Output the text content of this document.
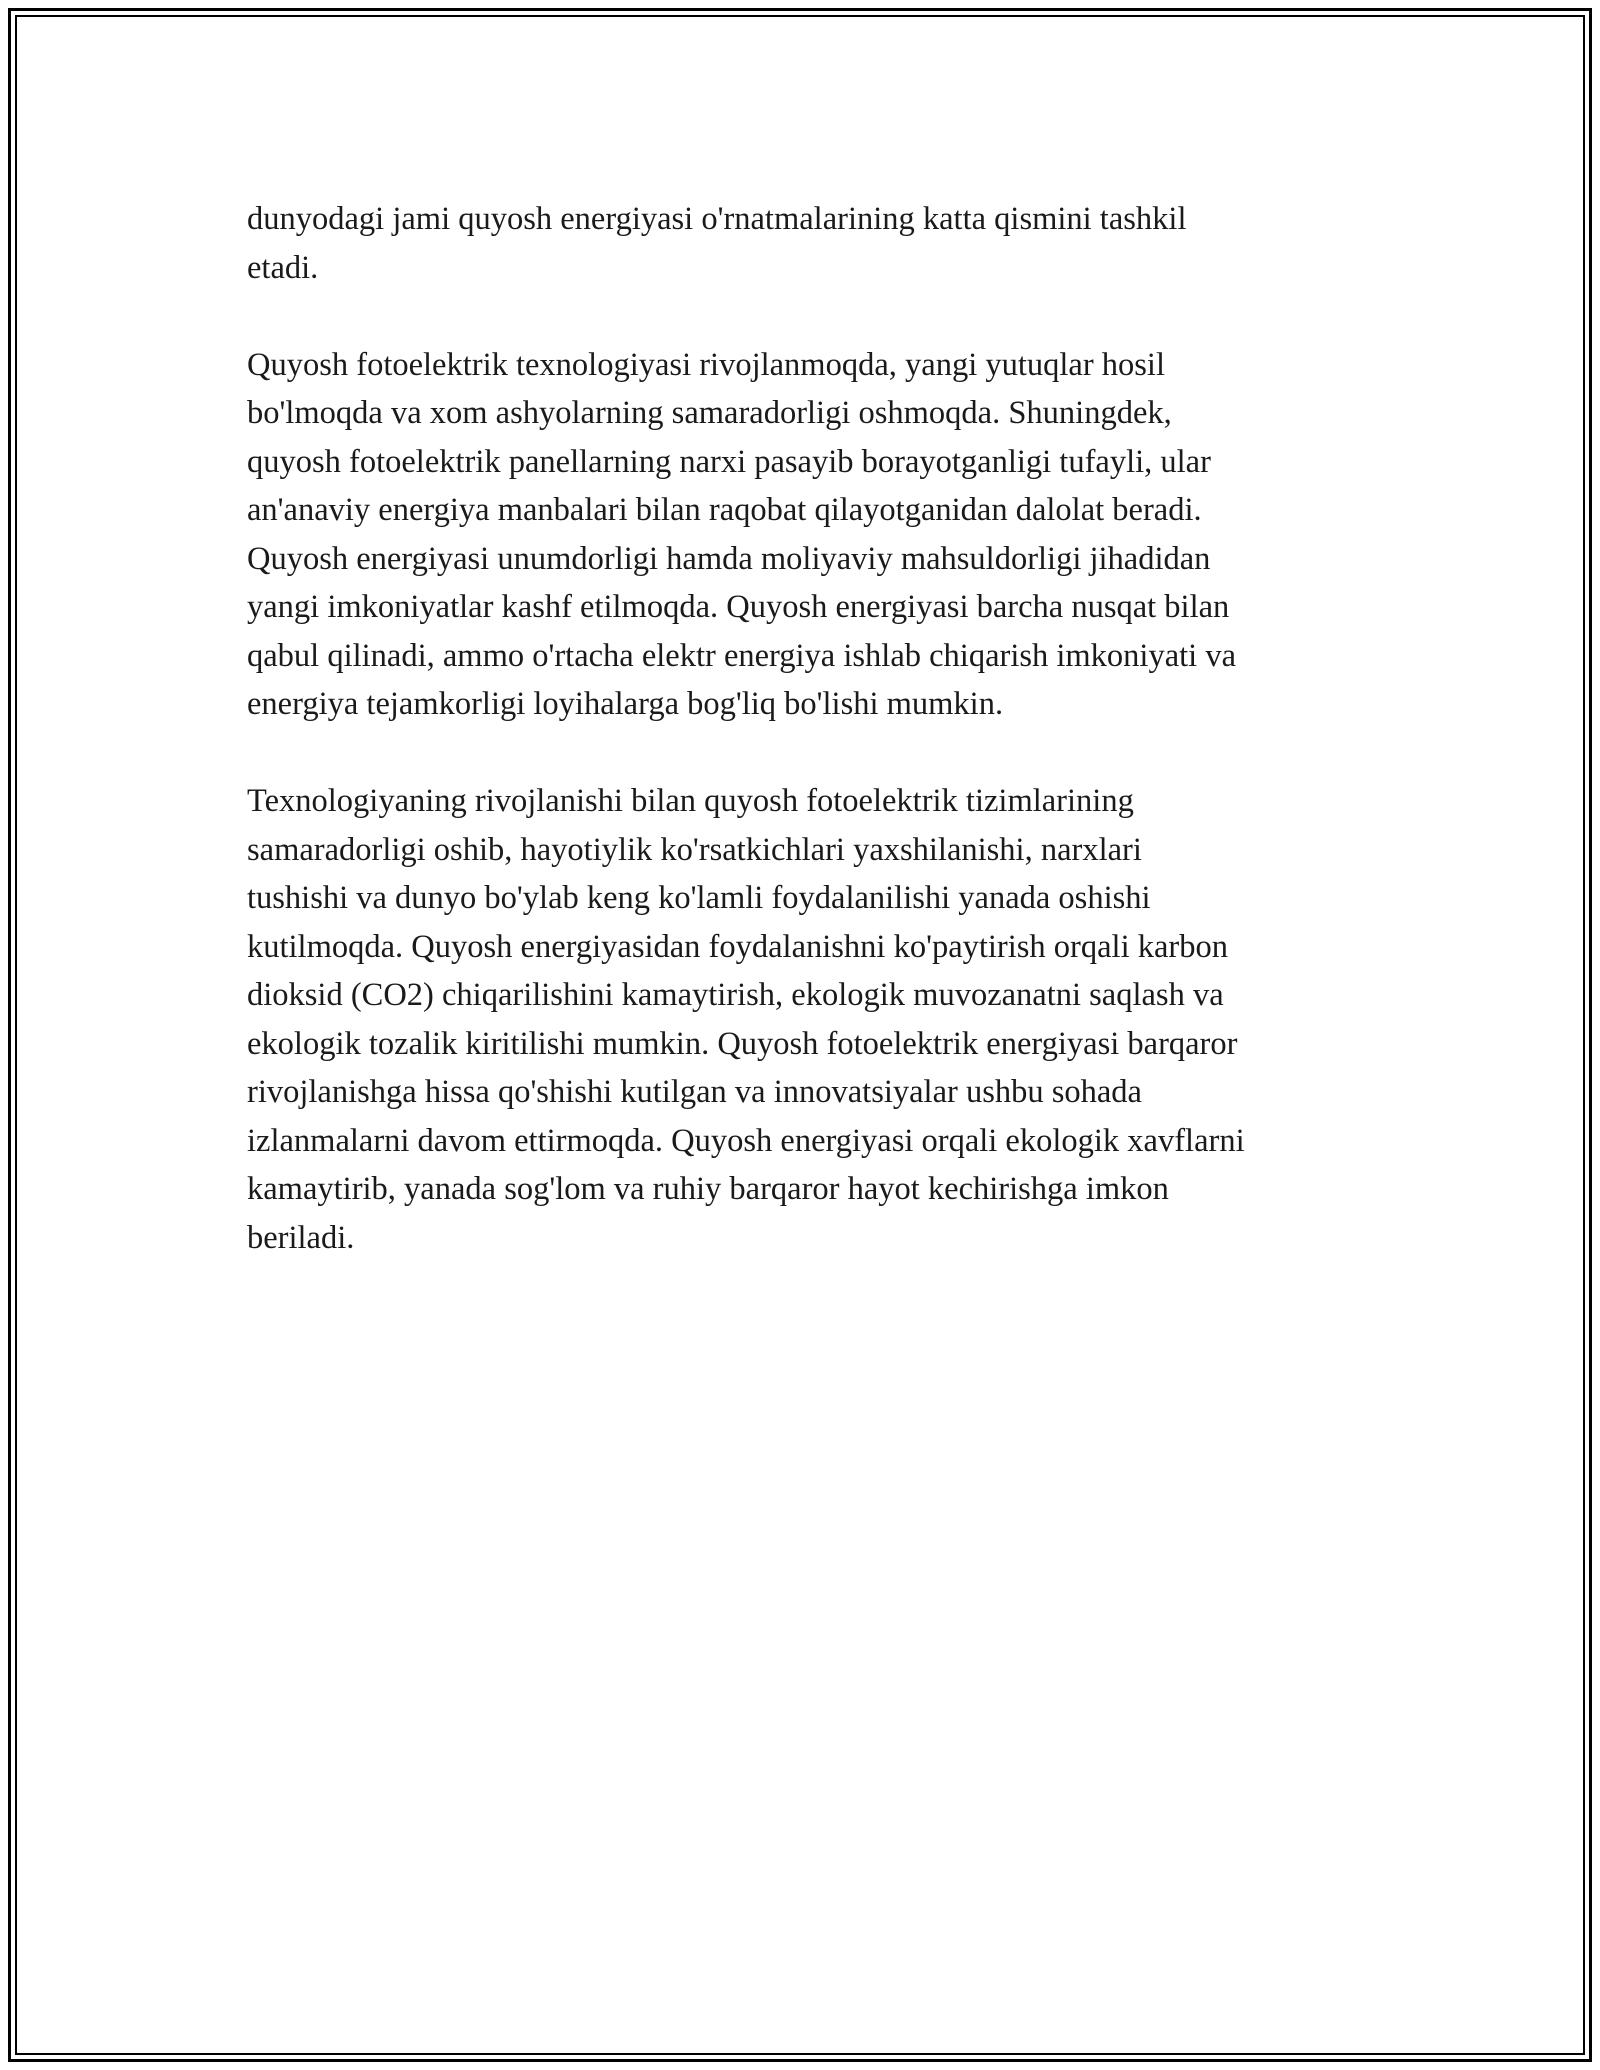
dunyodagi jami quyosh energiyasi o'rnatmalarining katta qismini tashkil
etadi.

Quyosh fotoelektrik texnologiyasi rivojlanmoqda, yangi yutuqlar hosil
bo'lmoqda va xom ashyolarning samaradorligi oshmoqda. Shuningdek,
quyosh fotoelektrik panellarning narxi pasayib borayotganligi tufayli, ular
an'anaviy energiya manbalari bilan raqobat qilayotganidan dalolat beradi.
Quyosh energiyasi unumdorligi hamda moliyaviy mahsuldorligi jihadidan
yangi imkoniyatlar kashf etilmoqda. Quyosh energiyasi barcha nusqat bilan
qabul qilinadi, ammo o'rtacha elektr energiya ishlab chiqarish imkoniyati va
energiya tejamkorligi loyihalarga bog'liq bo'lishi mumkin.

Texnologiyaning rivojlanishi bilan quyosh fotoelektrik tizimlarining
samaradorligi oshib, hayotiylik ko'rsatkichlari yaxshilanishi, narxlari
tushishi va dunyo bo'ylab keng ko'lamli foydalanilishi yanada oshishi
kutilmoqda. Quyosh energiyasidan foydalanishni ko'paytirish orqali karbon
dioksid (CO2) chiqarilishini kamaytirish, ekologik muvozanatni saqlash va
ekologik tozalik kiritilishi mumkin. Quyosh fotoelektrik energiyasi barqaror
rivojlanishga hissa qo'shishi kutilgan va innovatsiyalar ushbu sohada
izlanmalarni davom ettirmoqda. Quyosh energiyasi orqali ekologik xavflarni
kamaytirib, yanada sog'lom va ruhiy barqaror hayot kechirishga imkon
beriladi.
